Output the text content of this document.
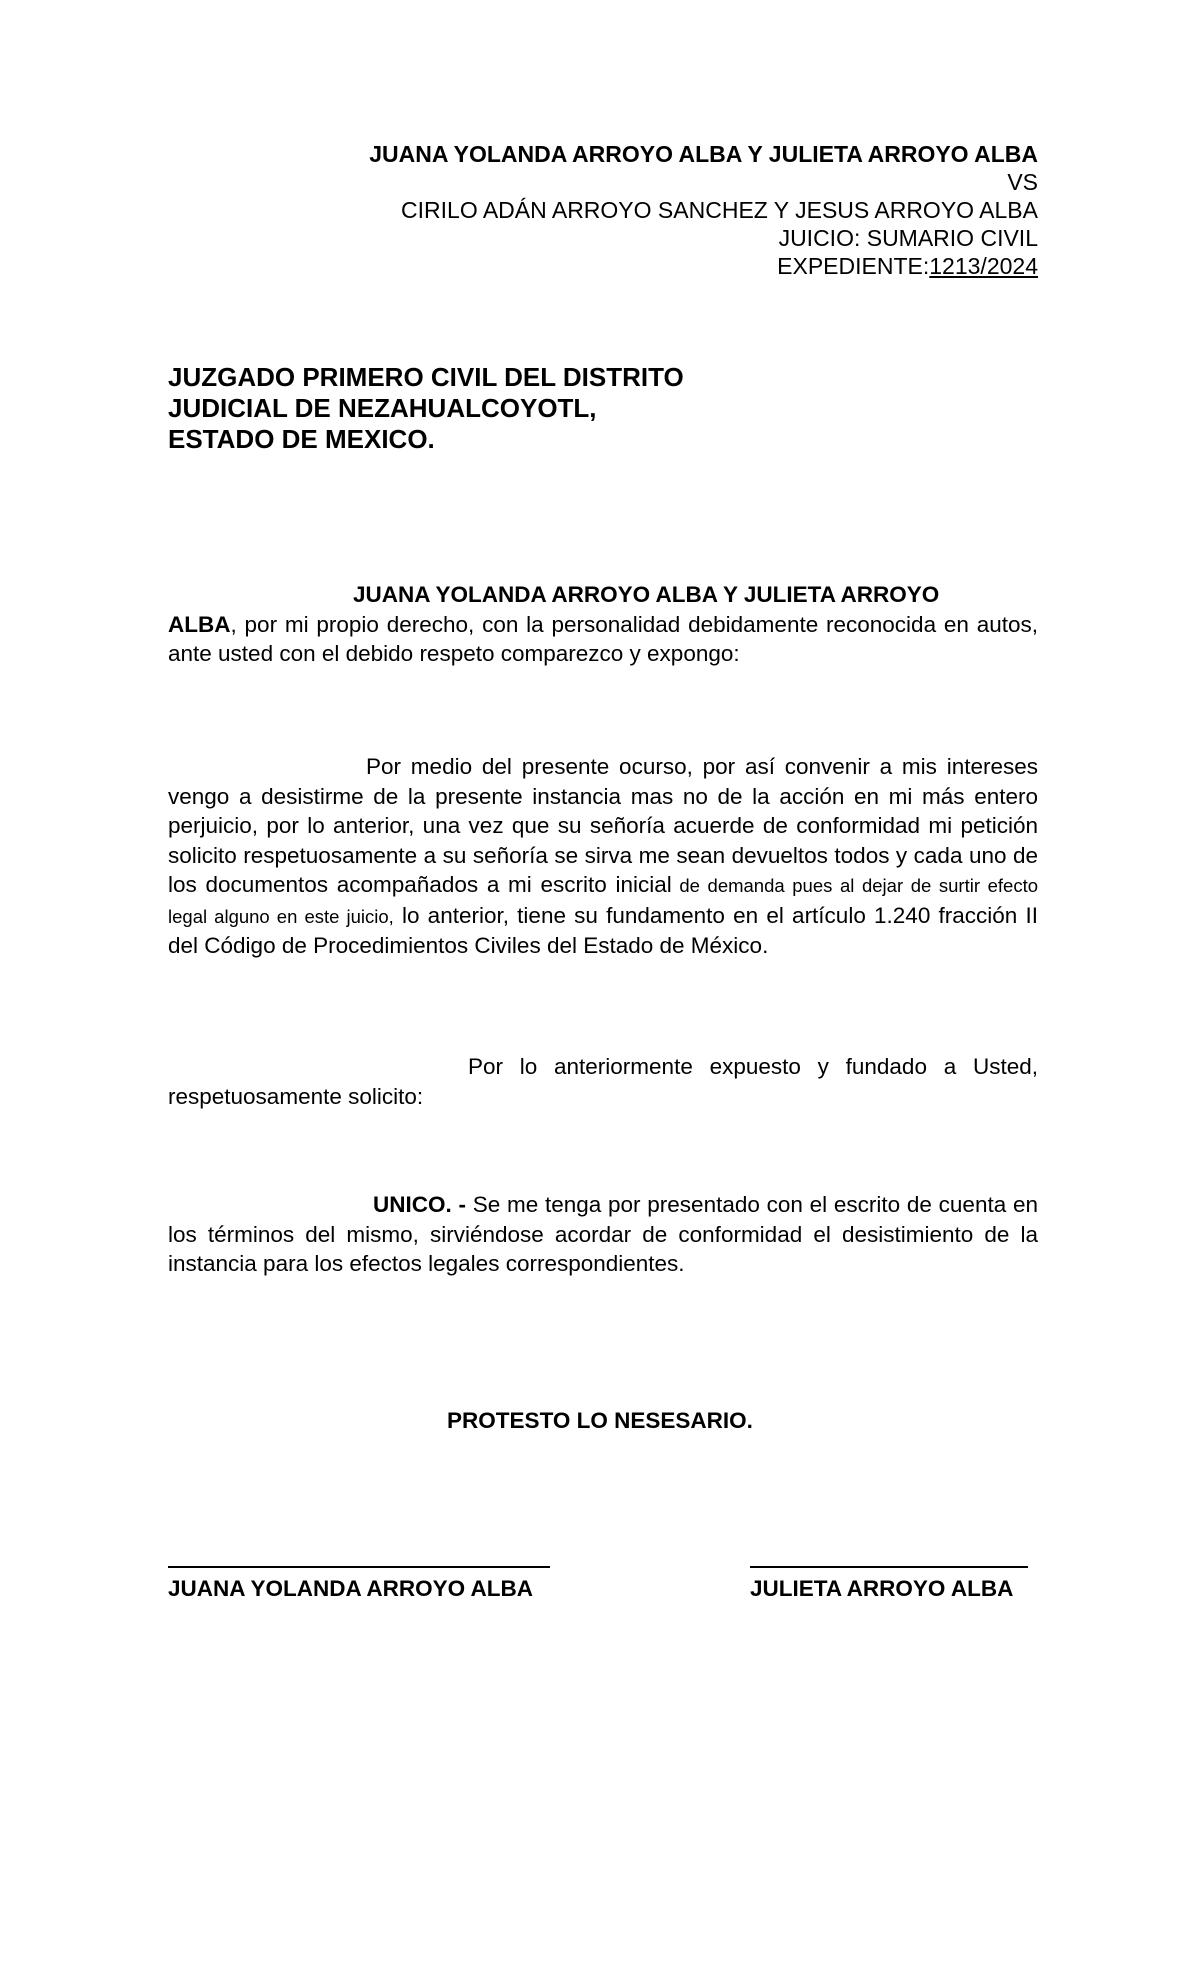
JUANA YOLANDA ARROYO ALBA Y JULIETA ARROYO ALBA
VS
CIRILO ADÁN ARROYO SANCHEZ Y JESUS ARROYO ALBA
JUICIO: SUMARIO CIVIL
EXPEDIENTE:1213/2024
JUZGADO PRIMERO CIVIL DEL DISTRITO
JUDICIAL DE NEZAHUALCOYOTL,
ESTADO DE MEXICO.
JUANA YOLANDA ARROYO ALBA Y JULIETA ARROYO
ALBA, por mi propio derecho, con la personalidad debidamente reconocida en autos, ante usted con el debido respeto comparezco y expongo:
Por medio del presente ocurso, por así convenir a mis intereses vengo a desistirme de la presente instancia mas no de la acción en mi más entero perjuicio, por lo anterior, una vez que su señoría acuerde de conformidad mi petición solicito respetuosamente a su señoría se sirva me sean devueltos todos y cada uno de los documentos acompañados a mi escrito inicial de demanda pues al dejar de surtir efecto legal alguno en este juicio, lo anterior, tiene su fundamento en el artículo 1.240 fracción II del Código de Procedimientos Civiles del Estado de México.
Por lo anteriormente expuesto y fundado a Usted, respetuosamente solicito:
UNICO. - Se me tenga por presentado con el escrito de cuenta en los términos del mismo, sirviéndose acordar de conformidad el desistimiento de la instancia para los efectos legales correspondientes.
PROTESTO LO NESESARIO.
JUANA YOLANDA ARROYO ALBA	JULIETA ARROYO ALBA
